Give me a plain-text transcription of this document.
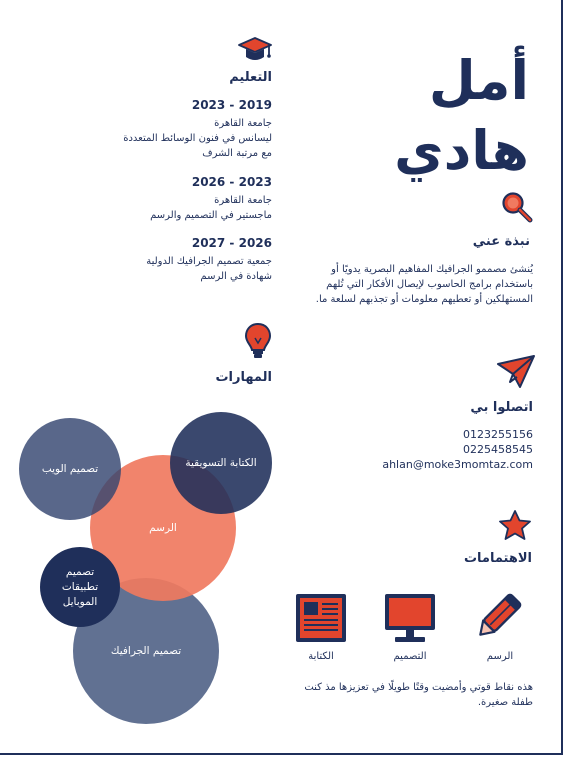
أمل
هادي
نبذة عني
يُنشئ مصممو الجرافيك المفاهيم البصرية يدويًا أو باستخدام برامج الحاسوب لإيصال الأفكار التي تُلهم المستهلكين أو تعطيهم معلومات أو تجذبهم لسلعة ما.
اتصلوا بي
0123255156
0225458545
ahlan@moke3momtaz.com
الاهتمامات
الرسم
التصميم
الكتابة
هذه نقاط قوتي وأمضيت وقتًا طويلًا في تعزيزها مذ كنت طفلة صغيرة.
التعليم
2023 - 2019
جامعة القاهرة
ليسانس في فنون الوسائط المتعددة
مع مرتبة الشرف
2026 - 2023
جامعة القاهرة
ماجستير في التصميم والرسم
2027 - 2026
جمعية تصميم الجرافيك الدولية
شهادة في الرسم
المهارات
تصميم الجرافيك
الرسم
تصميم الويب	الكتابة التسويقية
تصميم تطبيقات الموبايل
